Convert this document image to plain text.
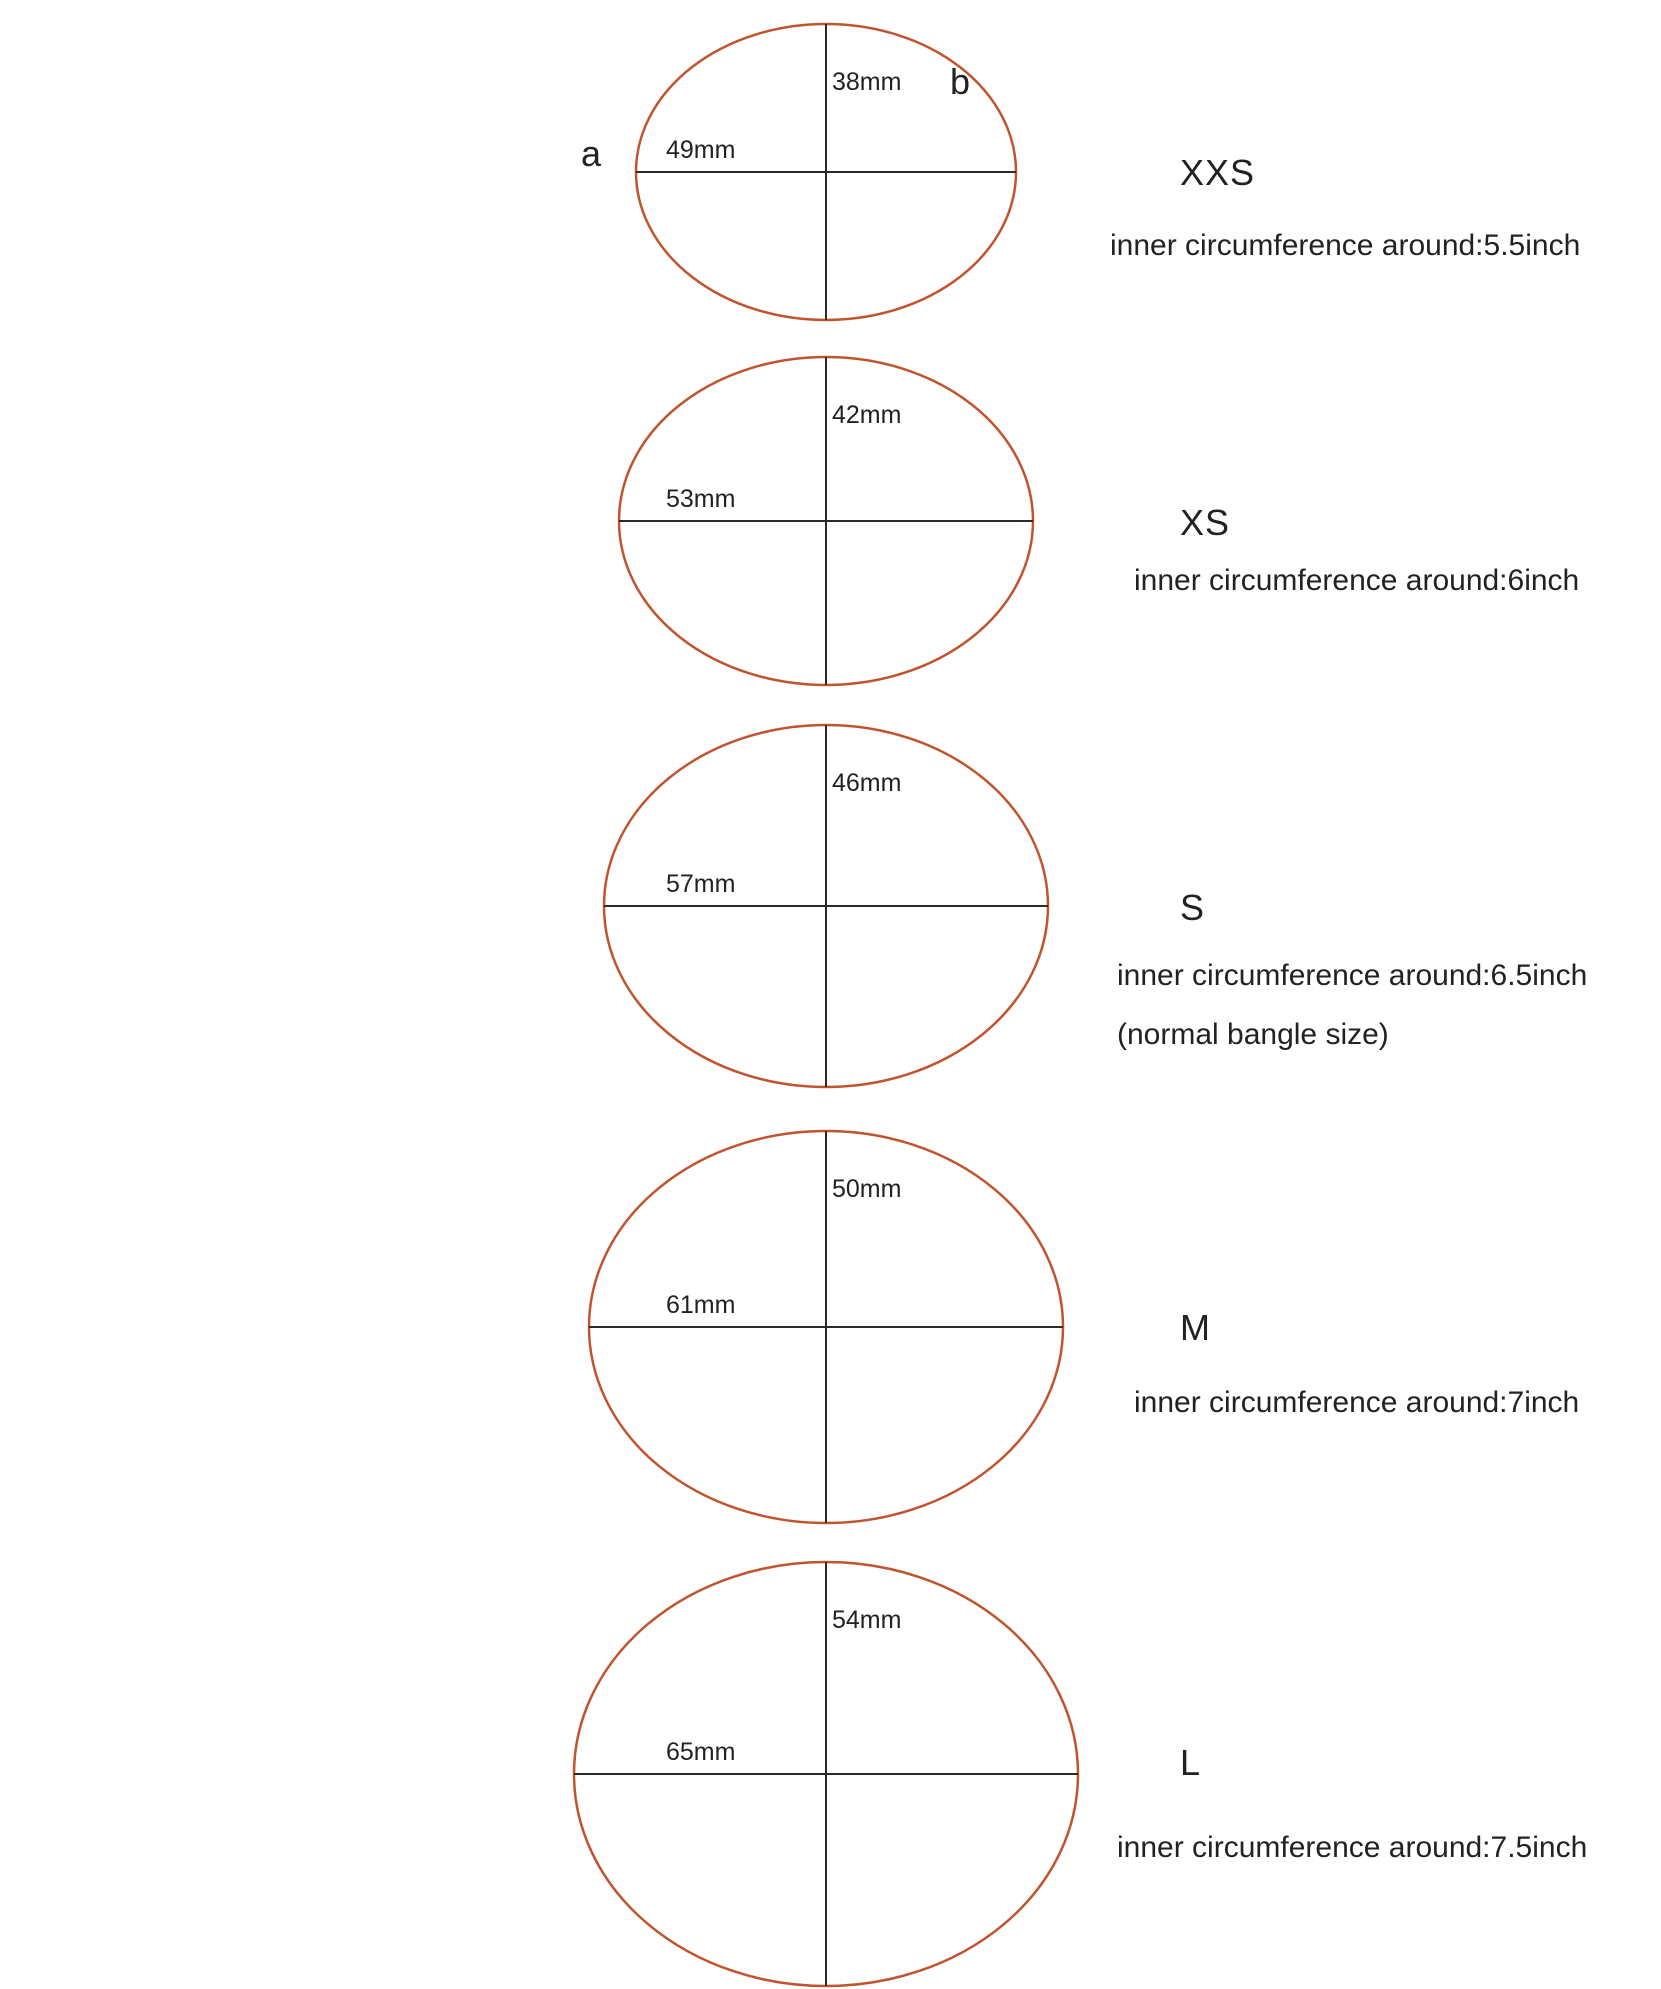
49mm
38mm
XXS
inner circumference around:5.5inch
53mm
42mm
XS
inner circumference around:6inch
57mm
46mm
S
inner circumference around:6.5inch
(normal bangle size)
61mm
50mm
M
inner circumference around:7inch
65mm
54mm
L
inner circumference around:7.5inch
a
b
